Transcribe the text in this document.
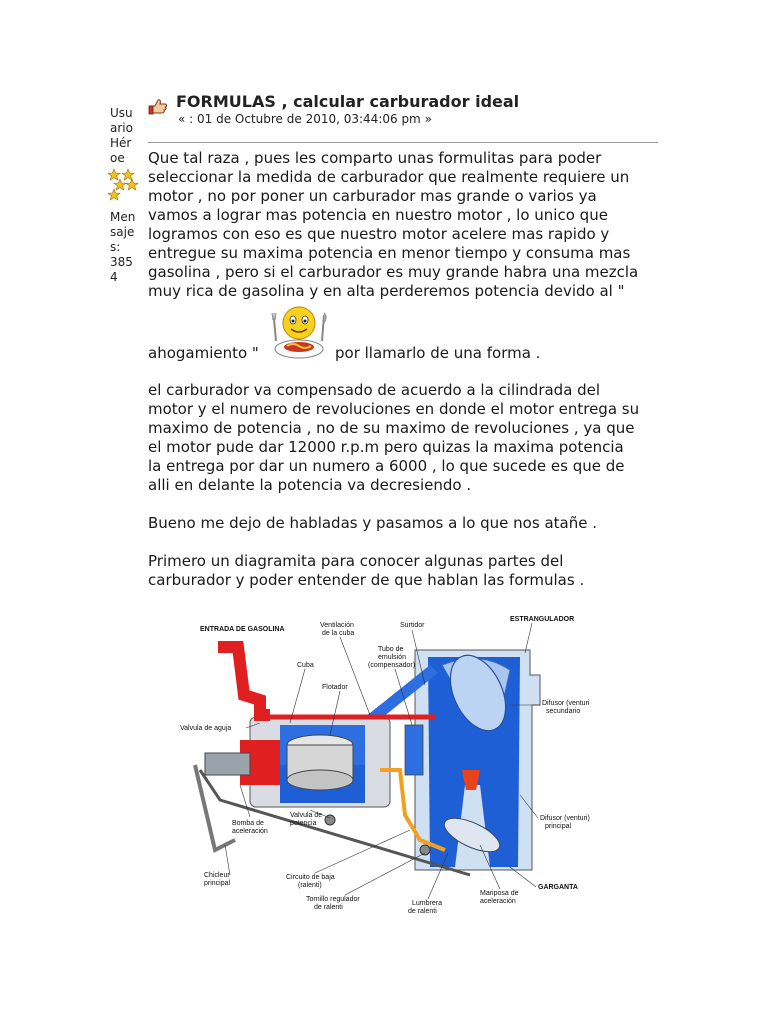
Usu
ario
Hér
oe
Men
saje
s:
385
4
FORMULAS , calcular carburador ideal
« : 01 de Octubre de 2010, 03:44:06 pm »

Que tal raza , pues les comparto unas formulitas para poder
seleccionar la medida de carburador que realmente requiere un
motor , no por poner un carburador mas grande o varios ya
vamos a lograr mas potencia en nuestro motor , lo unico que
logramos con eso es que nuestro motor acelere mas rapido y
entregue su maxima potencia en menor tiempo y consuma mas
gasolina , pero si el carburador es muy grande habra una mezcla
muy rica de gasolina y en alta perderemos potencia devido al "

ahogamiento "	por llamarlo de una forma .

el carburador va compensado de acuerdo a la cilindrada del
motor y el numero de revoluciones en donde el motor entrega su
maximo de potencia , no de su maximo de revoluciones , ya que
el motor pude dar 12000 r.p.m pero quizas la maxima potencia
la entrega por dar un numero a 6000 , lo que sucede es que de
alli en delante la potencia va decresiendo .

Bueno me dejo de habladas y pasamos a lo que nos atañe .

Primero un diagramita para conocer algunas partes del
carburador y poder entender de que hablan las formulas .

ENTRADA DE GASOLINA
Ventilación
de la cuba
Surtidor
ESTRANGULADOR
Tubo de
emulsión
(compensador)
Cuba
Flotador
Difusor (venturi)
secundario
Valvula de aguja
Valvula de
potencia
Bomba de
aceleración
Difusor (venturi)
principal
Chicleur
principal
Circuito de baja
(ralenti)
Tornillo regulador
de ralenti
Lumbrera
de ralenti
Mariposa de
aceleración
GARGANTA
